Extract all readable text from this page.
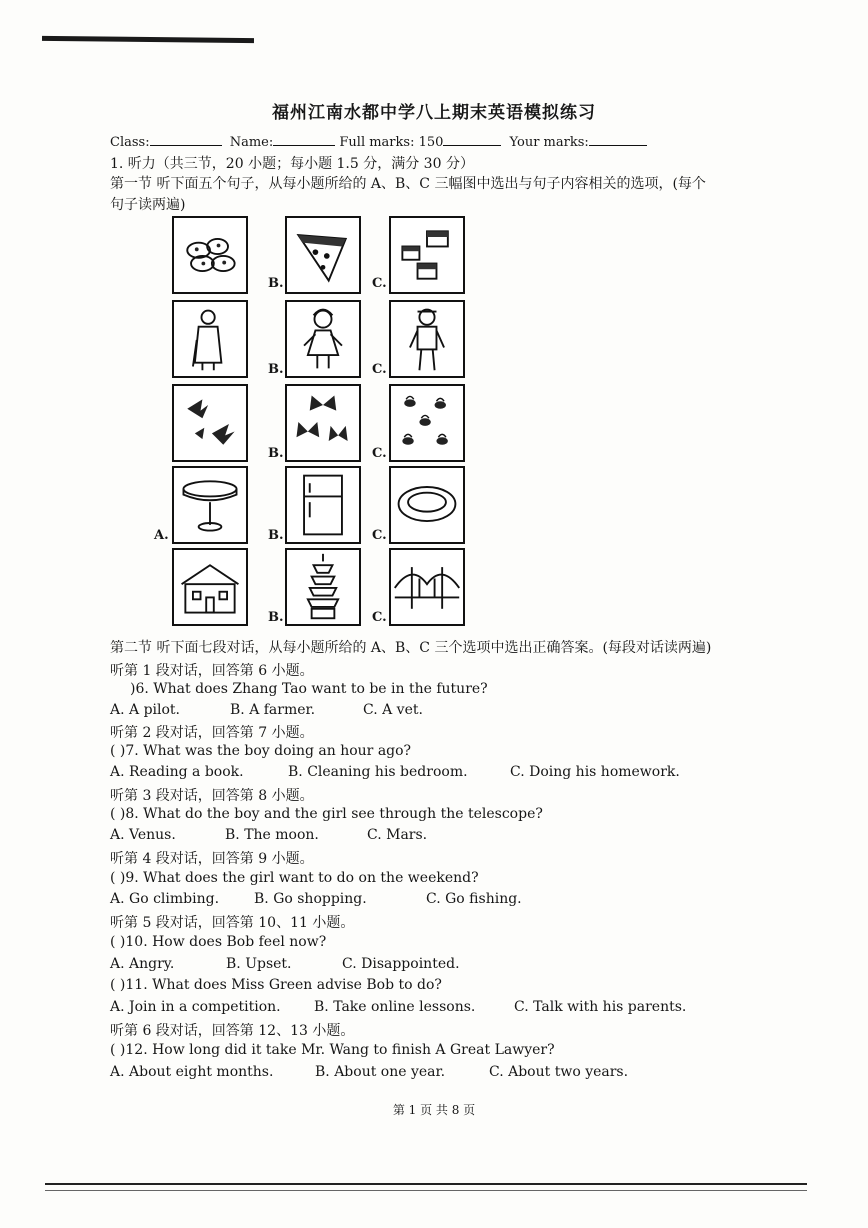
福州江南水都中学八上期末英语模拟练习
Class:	Name:	Full marks: 150	Your marks:
1. 听力（共三节，20 小题；每小题 1.5 分，满分 30 分）
第一节 听下面五个句子，从每小题所给的 A、B、C 三幅图中选出与句子内容相关的选项，(每个
句子读两遍)
B.	C.
B.	C.
B.	C.
A.	B.	C.
B.	C.
第二节 听下面七段对话，从每小题所给的 A、B、C 三个选项中选出正确答案。(每段对话读两遍)
听第 1 段对话，回答第 6 小题。
)6. What does Zhang Tao want to be in the future?
A. A pilot.	B. A farmer.	C. A vet.
听第 2 段对话，回答第 7 小题。
( )7. What was the boy doing an hour ago?
A. Reading a book.	B. Cleaning his bedroom.	C. Doing his homework.
听第 3 段对话，回答第 8 小题。
( )8. What do the boy and the girl see through the telescope?
A. Venus.	B. The moon.	C. Mars.
听第 4 段对话，回答第 9 小题。
( )9. What does the girl want to do on the weekend?
A. Go climbing. B. Go shopping.	C. Go fishing.
听第 5 段对话，回答第 10、11 小题。
( )10. How does Bob feel now?
A. Angry.	B. Upset.	C. Disappointed.
( )11. What does Miss Green advise Bob to do?
A. Join in a competition. B. Take online lessons.	C. Talk with his parents.
听第 6 段对话，回答第 12、13 小题。
( )12. How long did it take Mr. Wang to finish A Great Lawyer?
A. About eight months.	B. About one year.	C. About two years.
第 1 页 共 8 页
